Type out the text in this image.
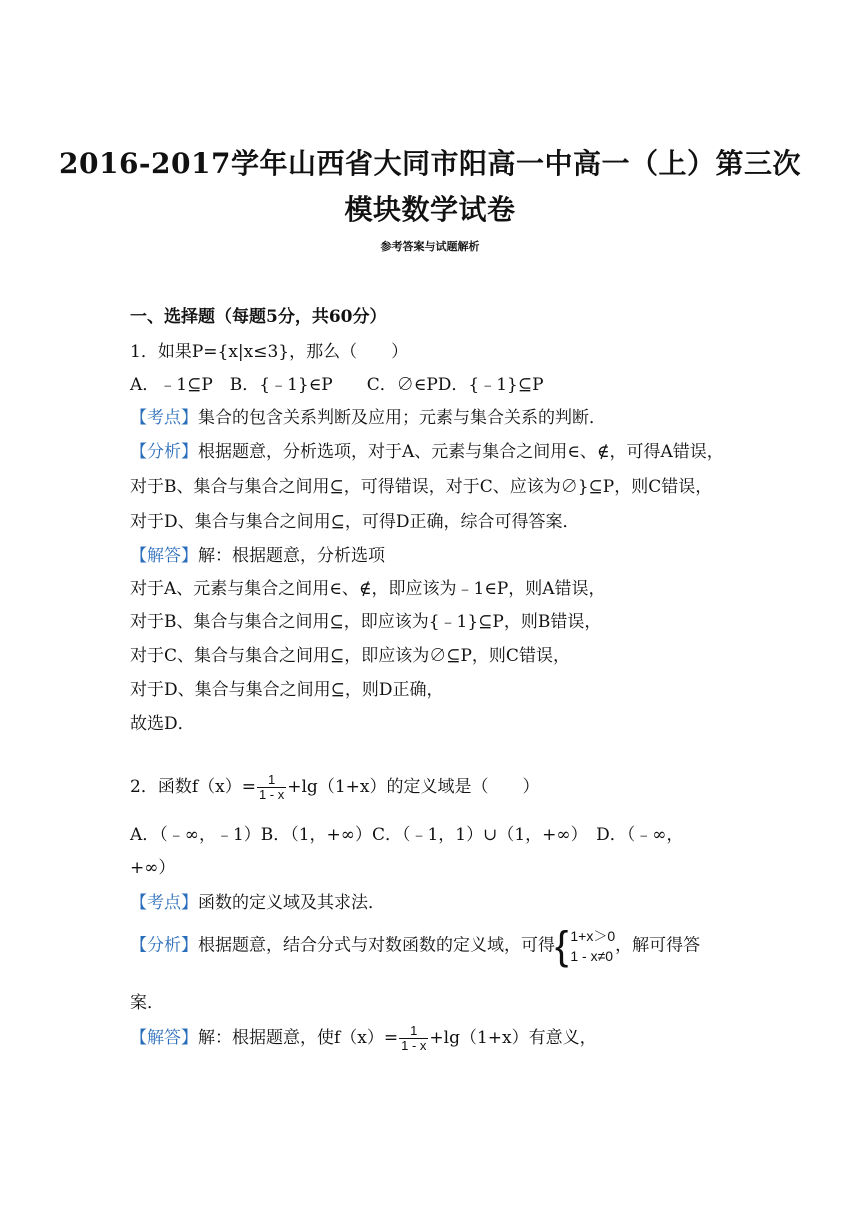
2016-2017学年山西省大同市阳高一中高一（上）第三次
模块数学试卷
参考答案与试题解析
一、选择题（每题5分，共60分）
1．如果P={x|x≤3}，那么（　　）
A．﹣1⊆P　B．{﹣1}∈P　　C．∅∈PD．{﹣1}⊆P
【考点】集合的包含关系判断及应用；元素与集合关系的判断．
【分析】根据题意，分析选项，对于A、元素与集合之间用∈、∉，可得A错误，
对于B、集合与集合之间用⊆，可得错误，对于C、应该为∅}⊆P，则C错误，
对于D、集合与集合之间用⊆，可得D正确，综合可得答案．
【解答】解：根据题意，分析选项
对于A、元素与集合之间用∈、∉，即应该为﹣1∈P，则A错误，
对于B、集合与集合之间用⊆，即应该为{﹣1}⊆P，则B错误，
对于C、集合与集合之间用⊆，即应该为∅⊆P，则C错误，
对于D、集合与集合之间用⊆，则D正确，
故选D．
2．函数$f(x)= \frac{1}{1 - x} +\lg(1+x)$的定义域是（　　）
A．（﹣∞，﹣1）B．（1，+∞）C．（﹣1，1）∪（1，+∞）　D．（﹣∞，
+∞）
【考点】函数的定义域及其求法．
【分析】根据题意，结合分式与对数函数的定义域，可得 { 1+x＞0
1 - x≠0
，解可得答
案．
【解答】解：根据题意，使$f(x)= \frac{1}{1 - x} +\lg(1+x)$有意义，
